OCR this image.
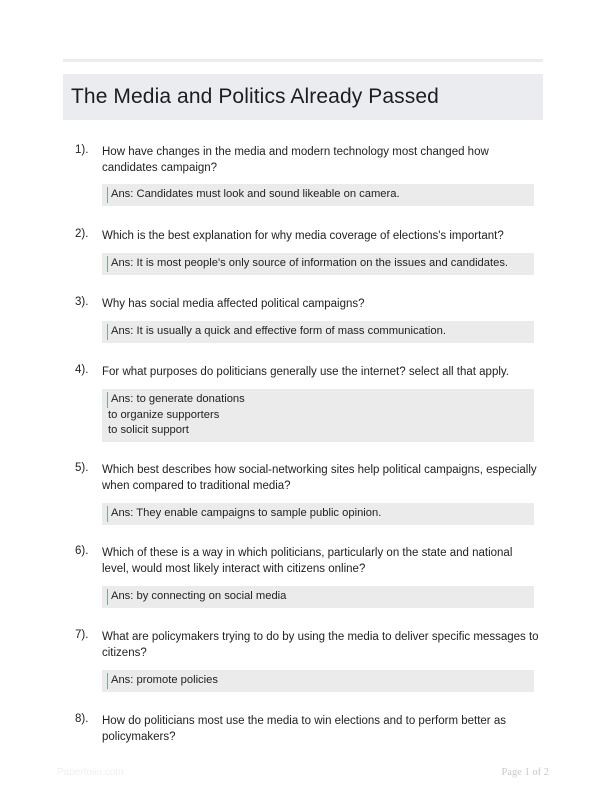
The Media and Politics Already Passed
1). How have changes in the media and modern technology most changed how candidates campaign?

Ans: Candidates must look and sound likeable on camera.
2). Which is the best explanation for why media coverage of elections's important?

Ans: It is most people's only source of information on the issues and candidates.
3). Why has social media affected political campaigns?

Ans: It is usually a quick and effective form of mass communication.
4). For what purposes do politicians generally use the internet? select all that apply.

Ans: to generate donations
to organize supporters
to solicit support
5). Which best describes how social-networking sites help political campaigns, especially when compared to traditional media?

Ans: They enable campaigns to sample public opinion.
6). Which of these is a way in which politicians, particularly on the state and national level, would most likely interact with citizens online?

Ans: by connecting on social media
7). What are policymakers trying to do by using the media to deliver specific messages to citizens?

Ans: promote policies
8). How do politicians most use the media to win elections and to perform better as policymakers?

Paperfolio.com	Page 1 of 2
